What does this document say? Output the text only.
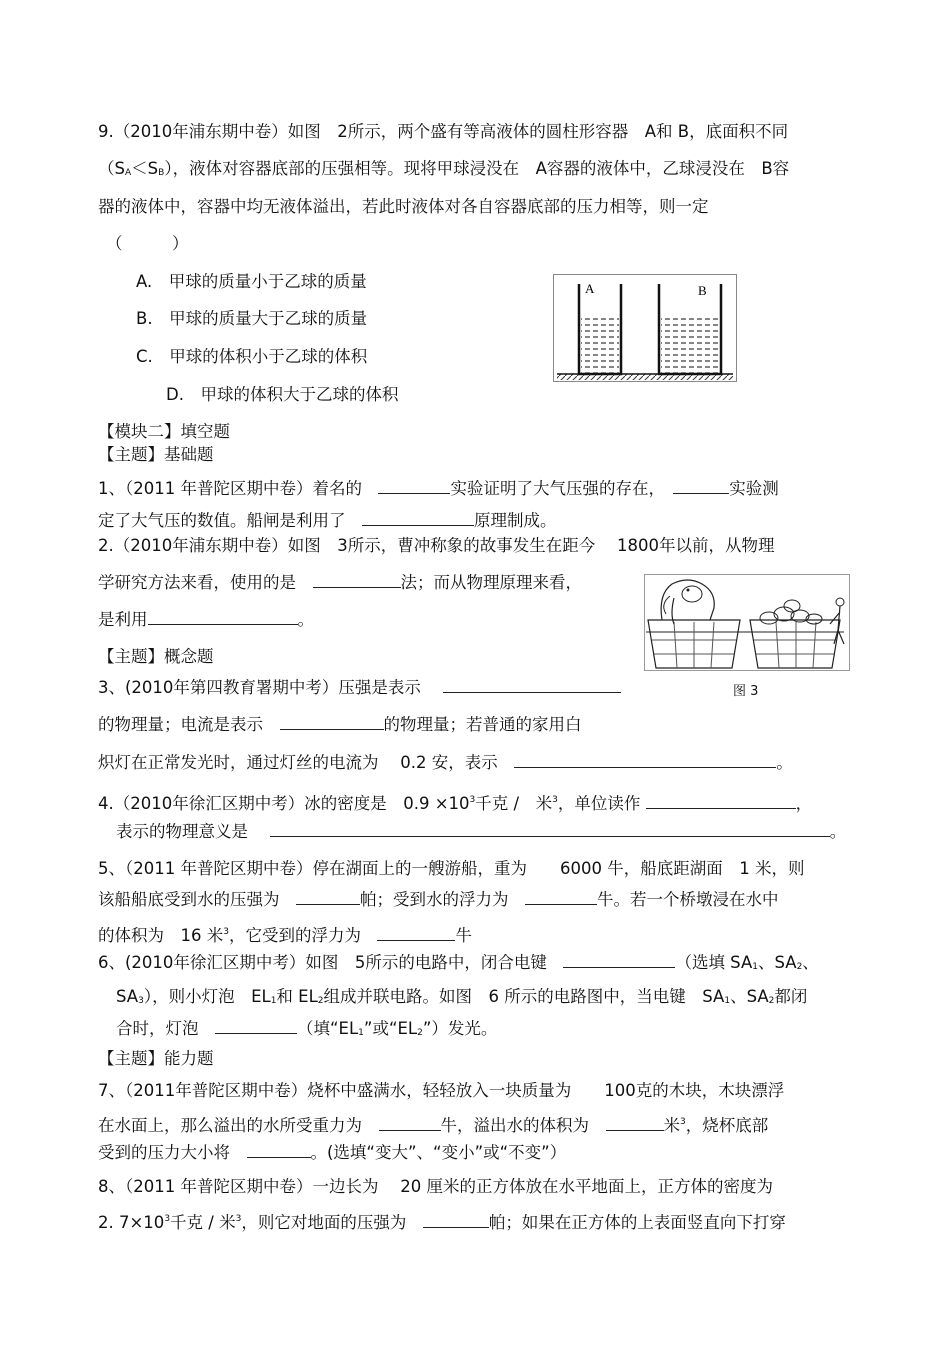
9.（2010年浦东期中卷）如图　2所示，两个盛有等高液体的圆柱形容器　A和 B，底面积不同
$(S_A<S_B)$，液体对容器底部的压强相等。现将甲球浸没在　A容器的液体中，乙球浸没在　B容
器的液体中，容器中均无液体溢出，若此时液体对各自容器底部的压力相等，则一定
（　　　）
A.　甲球的质量小于乙球的质量
B.　甲球的质量大于乙球的质量
C.　甲球的体积小于乙球的体积
D.　甲球的体积大于乙球的体积
A	B
【模块二】填空题
【主题】基础题
1、（2011 年普陀区期中卷）着名的　	实验证明了大气压强的存在，　	实验测
定了大气压的数值。船闸是利用了　	原理制成。
2.（2010年浦东期中卷）如图　3所示，曹冲称象的故事发生在距今　 1800年以前，从物理
学研究方法来看，使用的是　	法；而从物理原理来看，
是利用	。
图 3
【主题】概念题
3、(2010年第四教育署期中考）压强是表示　
的物理量；电流是表示　	的物理量；若普通的家用白
炽灯在正常发光时，通过灯丝的电流为　 0.2 安，表示　	。
4.（2010年徐汇区期中考）冰的密度是　$0.9 \times 10^3$千克 /　米$^3$，单位读作	，
表示的物理意义是　	。
5、（2011 年普陀区期中卷）停在湖面上的一艘游船，重为　　6000 牛，船底距湖面　1 米，则
该船船底受到水的压强为　	帕；受到水的浮力为　	牛。若一个桥墩浸在水中
的体积为　16 米$^3$，它受到的浮力为　	牛
6、(2010年徐汇区期中考）如图　5所示的电路中，闭合电键　	（选填 $SA_1$、$SA_2$、
$SA_3$），则小灯泡　$EL_1$和 $EL_2$组成并联电路。如图　6 所示的电路图中，当电键　$SA_1$、$SA_2$都闭
合时，灯泡　	（填“$EL_1$”或“$EL_2$”）发光。
【主题】能力题
7、（2011年普陀区期中卷）烧杯中盛满水，轻轻放入一块质量为　　100克的木块，木块漂浮
在水面上，那么溢出的水所受重力为　	牛，溢出水的体积为　	米$^3$，烧杯底部
受到的压力大小将　	。(选填“变大”、“变小”或“不变”）
8、（2011 年普陀区期中卷）一边长为　 20 厘米的正方体放在水平地面上，正方体的密度为
2. $7\times 10^3$千克 / 米$^3$，则它对地面的压强为　	帕；如果在正方体的上表面竖直向下打穿
